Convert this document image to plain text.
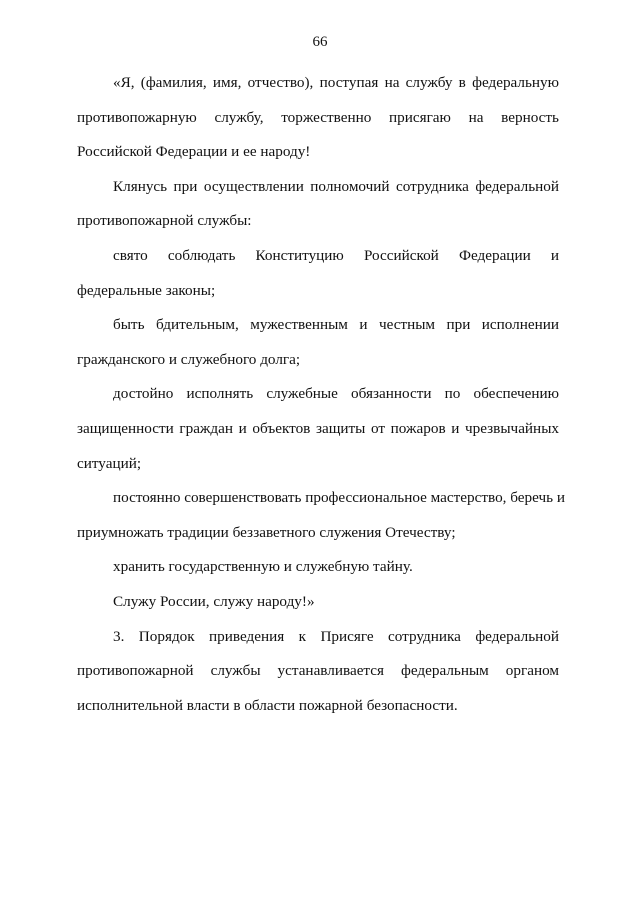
66

«Я, (фамилия, имя, отчество), поступая на службу в федеральную
противопожарную службу, торжественно присягаю на верность
Российской Федерации и ее народу!

Клянусь при осуществлении полномочий сотрудника федеральной
противопожарной службы:

свято соблюдать Конституцию Российской Федерации и
федеральные законы;

быть бдительным, мужественным и честным при исполнении
гражданского и служебного долга;

достойно исполнять служебные обязанности по обеспечению
защищенности граждан и объектов защиты от пожаров и чрезвычайных
ситуаций;

постоянно совершенствовать профессиональное мастерство, беречь и
приумножать традиции беззаветного служения Отечеству;

хранить государственную и служебную тайну.

Служу России, служу народу!»

3. Порядок приведения к Присяге сотрудника федеральной
противопожарной службы устанавливается федеральным органом
исполнительной власти в области пожарной безопасности.
